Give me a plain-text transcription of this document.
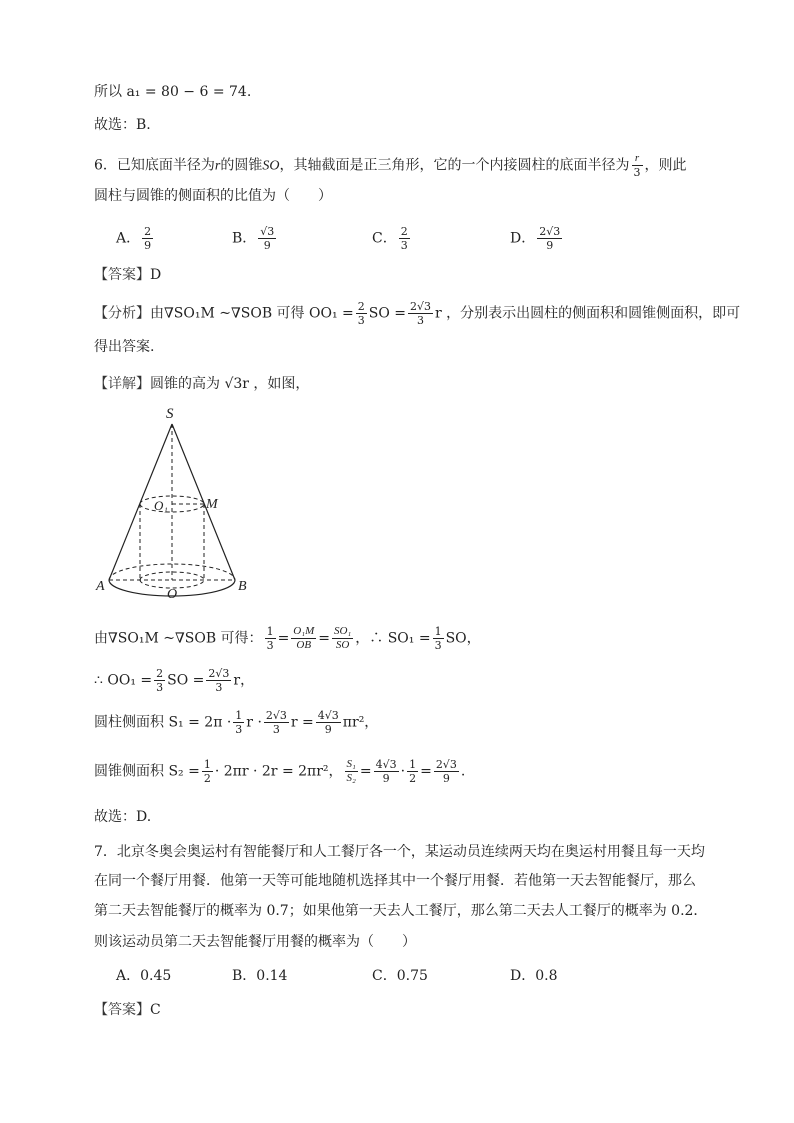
所以 a₁ = 80 − 6 = 74.
故选：B.
6．已知底面半径为r的圆锥SO，其轴截面是正三角形，它的一个内接圆柱的底面半径为 $\frac{r}{3}$ ，则此
圆柱与圆锥的侧面积的比值为（　　）
A． $\frac{2}{9}$	B． $\frac{√3}{9}$	C． $\frac{2}{3}$	D． $\frac{2√3}{9}$
【答案】D
【分析】由∇SO₁M ~∇SOB 可得 $OO_1 = \frac{2}{3}$ SO = $\frac{2√3}{3}$ r ，分别表示出圆柱的侧面积和圆锥侧面积，即可
得出答案.
【详解】圆锥的高为 √3r ，如图，
S
O₁	M
A
O
B
由∇SO₁M ~∇SOB 可得： $\frac{1}{3} = \frac{\text{O₁M}}{OB} = \frac{\text{SO₁}}{SO}$ ，∴ $SO_1 = \frac{1}{3}$ SO，
∴ $OO_1 = \frac{2}{3}$ SO = $\frac{2√3}{3}$ r，
圆柱侧面积 $S_1 = 2\pi \cdot \frac{1}{3}$ $r \cdot \frac{2√3}{3}$ $r = \frac{4√3}{9} \pi r^2$，
圆锥侧面积 $S_2 = \frac{1}{2} \cdot 2\pi r \cdot 2r = 2\pi r^2$， $\frac{\text{S₁}}{\text{S₂}} = \frac{4√3}{9} \cdot \frac{1}{2} = \frac{2√3}{9}$ .
故选：D.
7．北京冬奥会奥运村有智能餐厅和人工餐厅各一个，某运动员连续两天均在奥运村用餐且每一天均
在同一个餐厅用餐．他第一天等可能地随机选择其中一个餐厅用餐．若他第一天去智能餐厅，那么
第二天去智能餐厅的概率为 0.7；如果他第一天去人工餐厅，那么第二天去人工餐厅的概率为 0.2．
则该运动员第二天去智能餐厅用餐的概率为（　　）
A．0.45	B．0.14	C．0.75	D．0.8
【答案】C
